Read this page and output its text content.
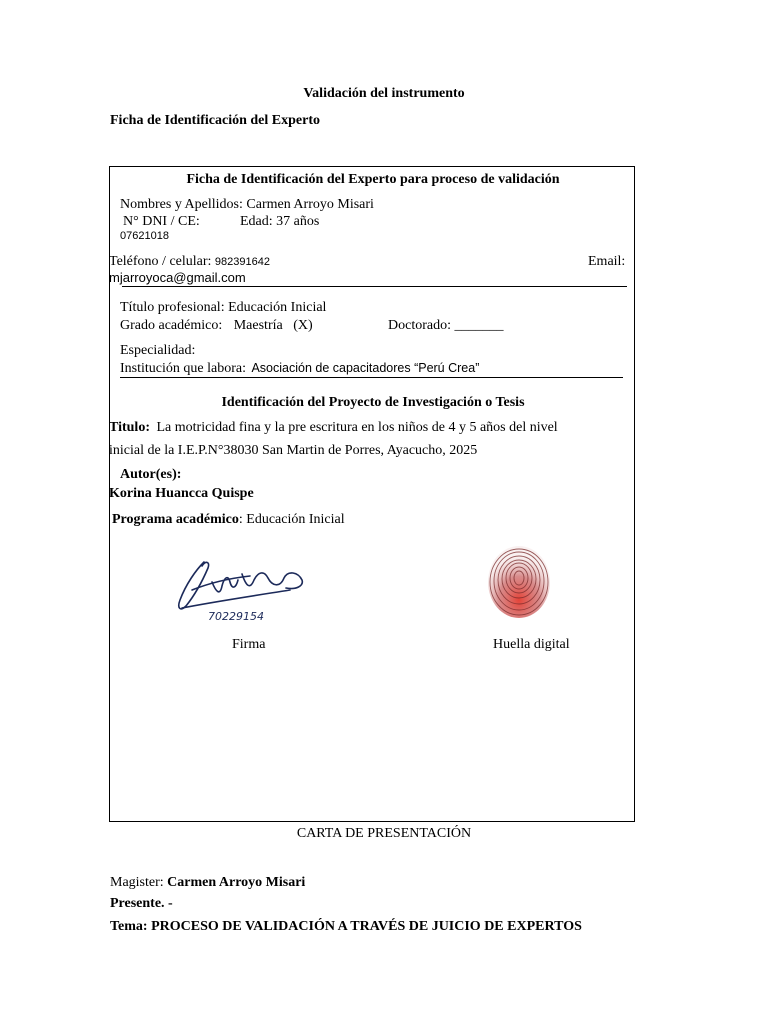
Validación del instrumento
Ficha de Identificación del Experto
Ficha de Identificación del Experto para proceso de validación
Nombres y Apellidos: Carmen Arroyo Misari
N° DNI / CE:	Edad: 37 años
07621018
Teléfono / celular: 982391642	Email:
mjarroyoca@gmail.com
Título profesional: Educación Inicial
Grado académico: Maestría   (X)	Doctorado: _______
Especialidad:
Institución que labora: Asociación de capacitadores “Perú Crea”
Identificación del Proyecto de Investigación o Tesis
Titulo: La motricidad fina y la pre escritura en los niños de 4 y 5 años del nivel
inicial de la I.E.P.N°38030 San Martin de Porres, Ayacucho, 2025
Autor(es):
Korina Huancca Quispe
Programa académico: Educación Inicial
70229154
Firma	Huella digital
CARTA DE PRESENTACIÓN
Magister: Carmen Arroyo Misari
Presente. -
Tema: PROCESO DE VALIDACIÓN A TRAVÉS DE JUICIO DE EXPERTOS
